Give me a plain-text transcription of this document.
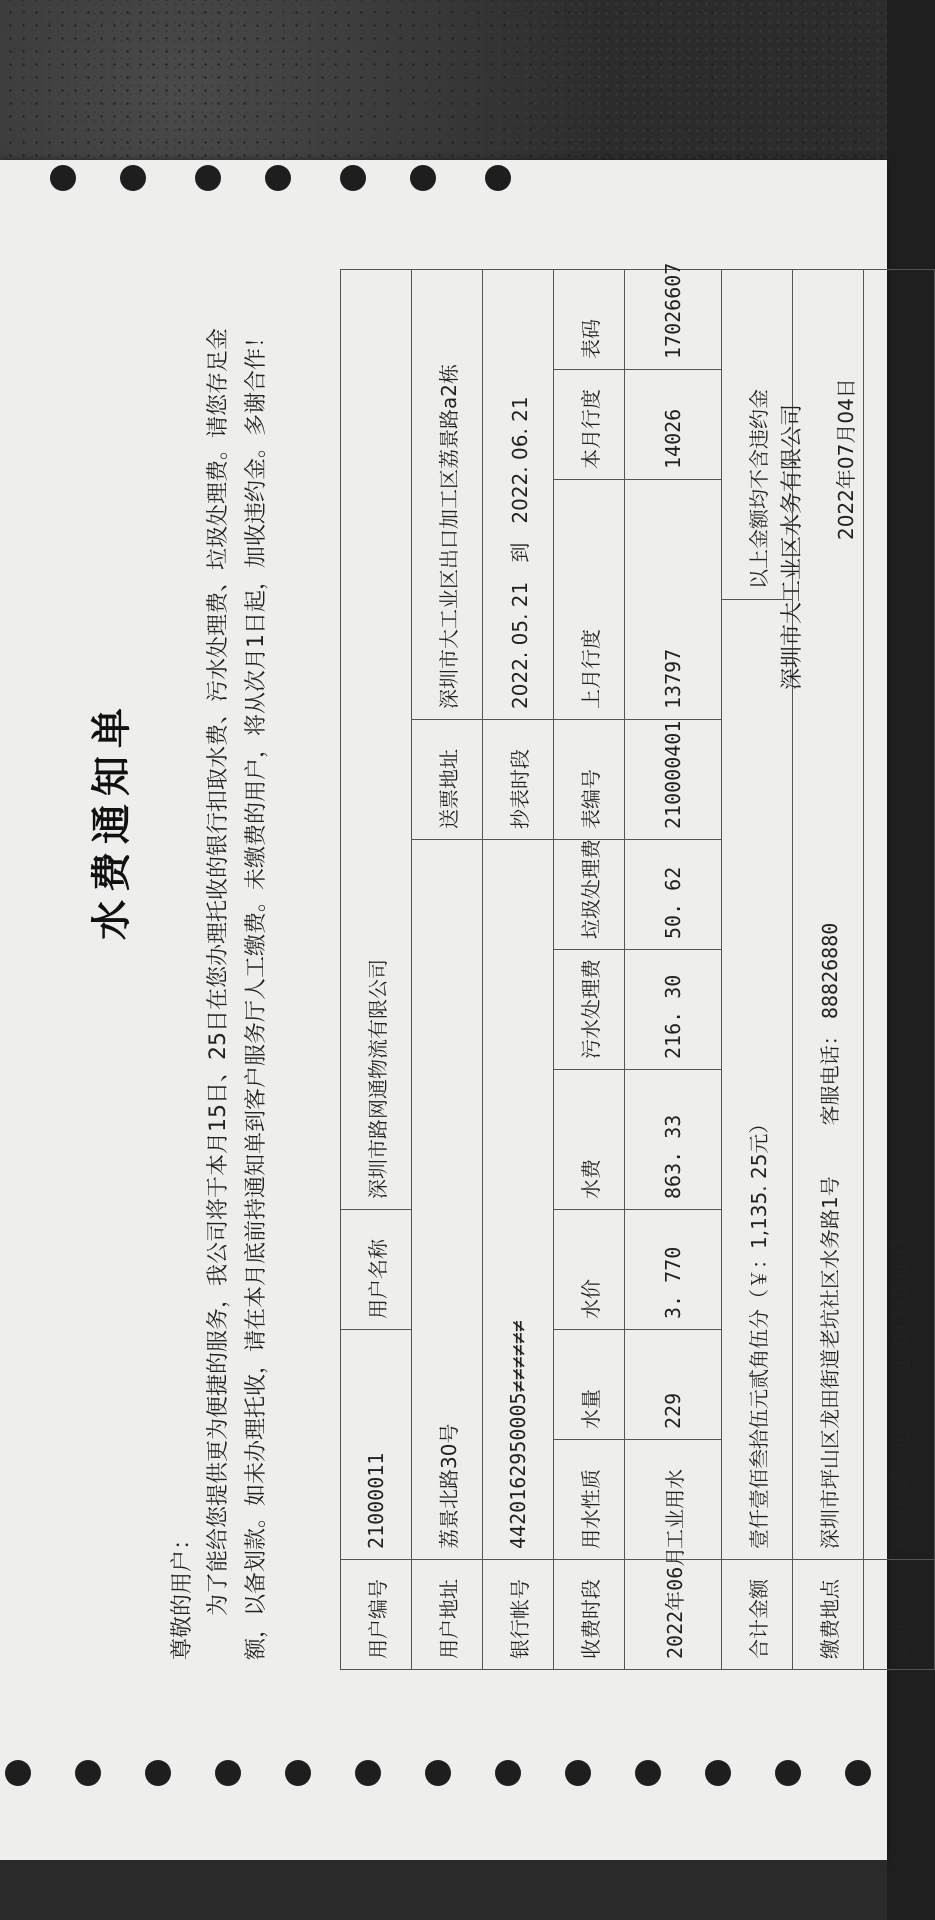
水费通知单
尊敬的用户： 为了能给您提供更为便捷的服务，我公司将于本月15日、25日在您办理托收的银行扣取水费、污水处理费、垃圾处理费。请您存足金额，以备划款。如未办理托收，请在本月底前持通知单到客户服务厅人工缴费。未缴费的用户，将从次月1日起，加收违约金。多谢合作！	用户编号	21000011		用户名称	深圳市路网通物流有限公司							
用户地址	荔景北路30号						送票地址	深圳市大工业区出口加工区荔景路a2栋			
银行帐号	4420162950005≠≠≠≠≠≠						抄表时段	2022. 05. 21   到   2022. 06. 21			
收费时段	用水性质	水量	水价	水费	污水处理费	垃圾处理费	表编号	上月行度		本月行度	表码
2022年06月	工业用水	229	3. 770	863. 33	216. 30	50. 62	210000401	13797		14026	17026607
合计金额	壹仟壹佰叁拾伍元贰角伍分（￥：1,135. 25元）								以上金额均不含违约金		
缴费地点	深圳市坪山区龙田街道老坑社区水务路1号        客服电话： 88826880										
备注	现预留联系电话：   15013789197										
深圳市大工业区水务有限公司 2022年07月04日
